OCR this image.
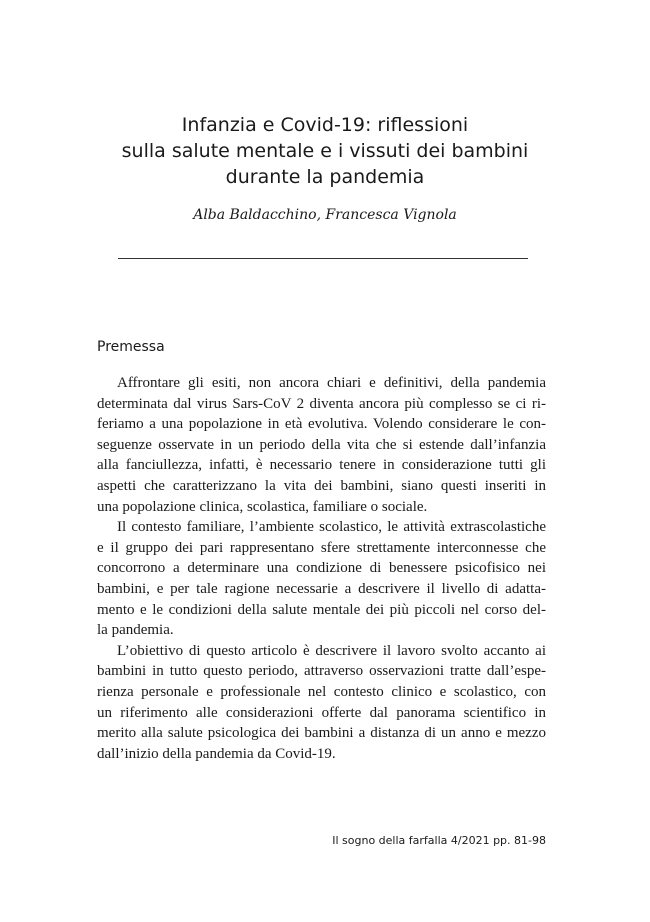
Infanzia e Covid-19: riflessioni
sulla salute mentale e i vissuti dei bambini
durante la pandemia
Alba Baldacchino, Francesca Vignola
Premessa
Affrontare gli esiti, non ancora chiari e definitivi, della pandemia
determinata dal virus Sars-CoV 2 diventa ancora più complesso se ci ri-
feriamo a una popolazione in età evolutiva. Volendo considerare le con-
seguenze osservate in un periodo della vita che si estende dall’infanzia
alla fanciullezza, infatti, è necessario tenere in considerazione tutti gli
aspetti che caratterizzano la vita dei bambini, siano questi inseriti in
una popolazione clinica, scolastica, familiare o sociale.
Il contesto familiare, l’ambiente scolastico, le attività extrascolastiche
e il gruppo dei pari rappresentano sfere strettamente interconnesse che
concorrono a determinare una condizione di benessere psicofisico nei
bambini, e per tale ragione necessarie a descrivere il livello di adatta-
mento e le condizioni della salute mentale dei più piccoli nel corso del-
la pandemia.
L’obiettivo di questo articolo è descrivere il lavoro svolto accanto ai
bambini in tutto questo periodo, attraverso osservazioni tratte dall’espe-
rienza personale e professionale nel contesto clinico e scolastico, con
un riferimento alle considerazioni offerte dal panorama scientifico in
merito alla salute psicologica dei bambini a distanza di un anno e mezzo
dall’inizio della pandemia da Covid-19.
Il sogno della farfalla 4/2021 pp. 81-98
